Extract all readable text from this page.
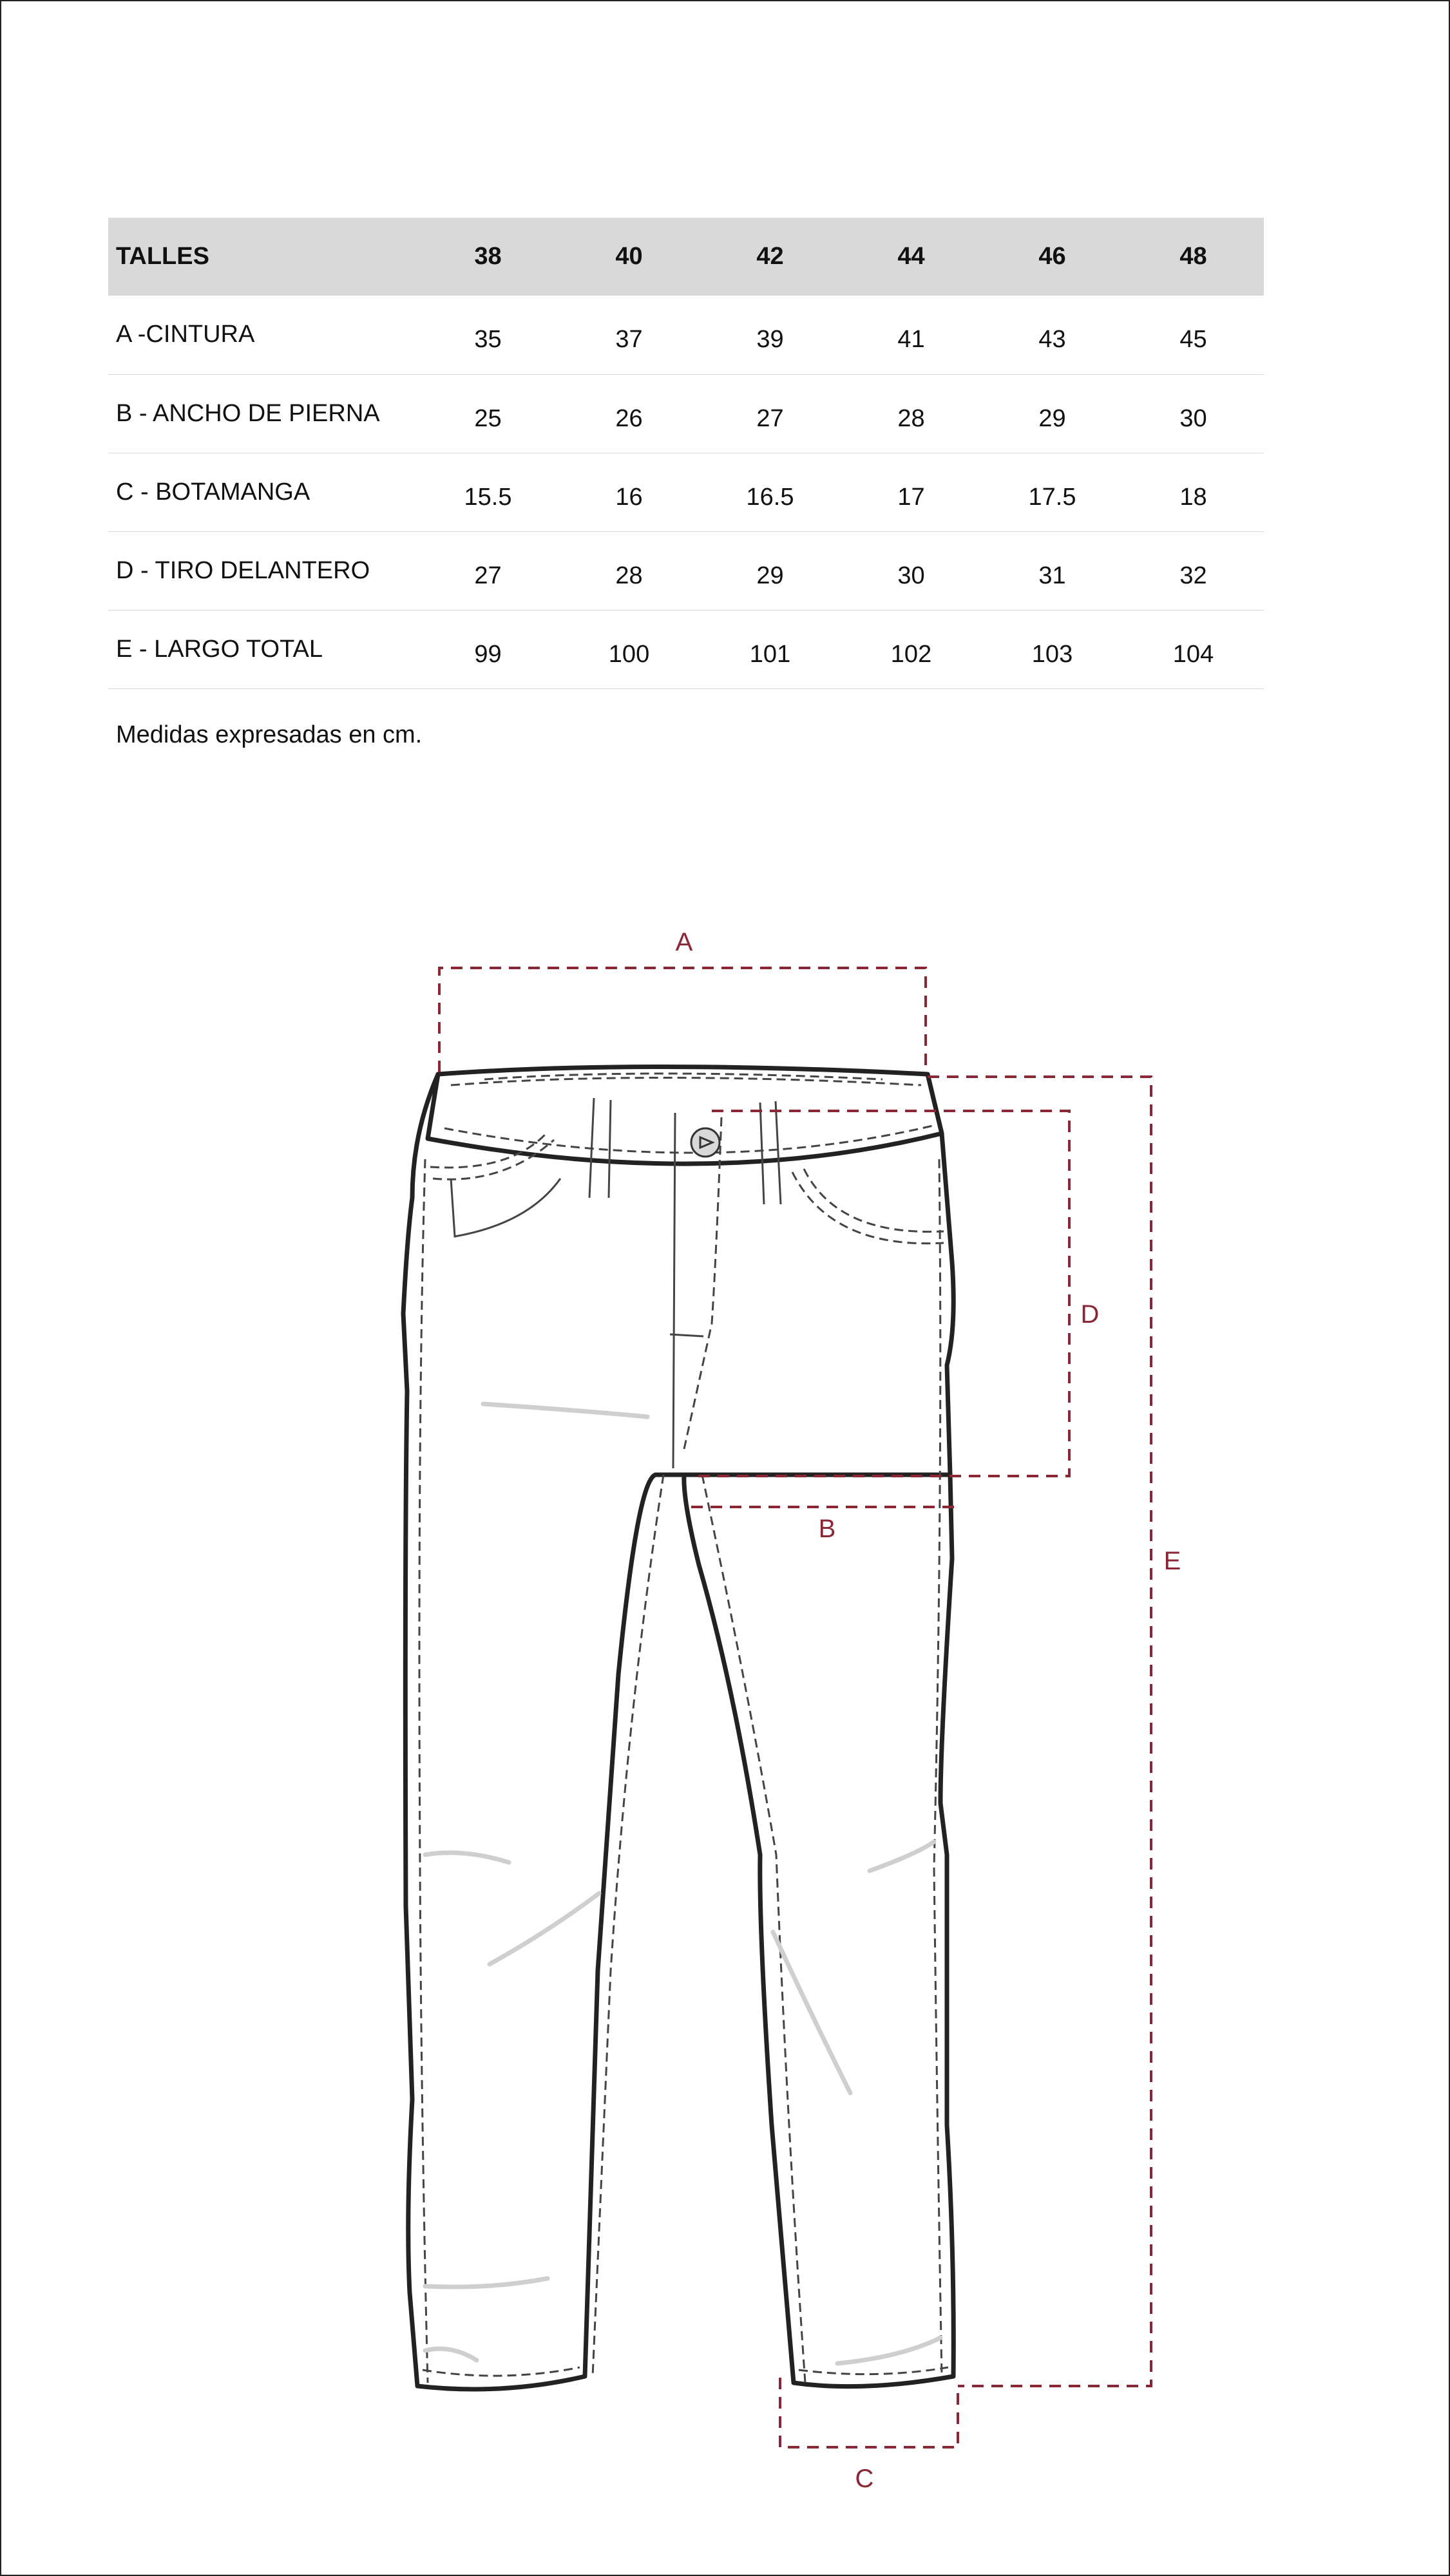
TALLES	38	40	42	44	46	48
A -CINTURA	35	37	39	41	43	45
B - ANCHO DE PIERNA	25	26	27	28	29	30
C - BOTAMANGA	15.5	16	16.5	17	17.5	18
D - TIRO DELANTERO	27	28	29	30	31	32
E - LARGO TOTAL	99	100	101	102	103	104
Medidas expresadas en cm.
A
B
C
D
E
